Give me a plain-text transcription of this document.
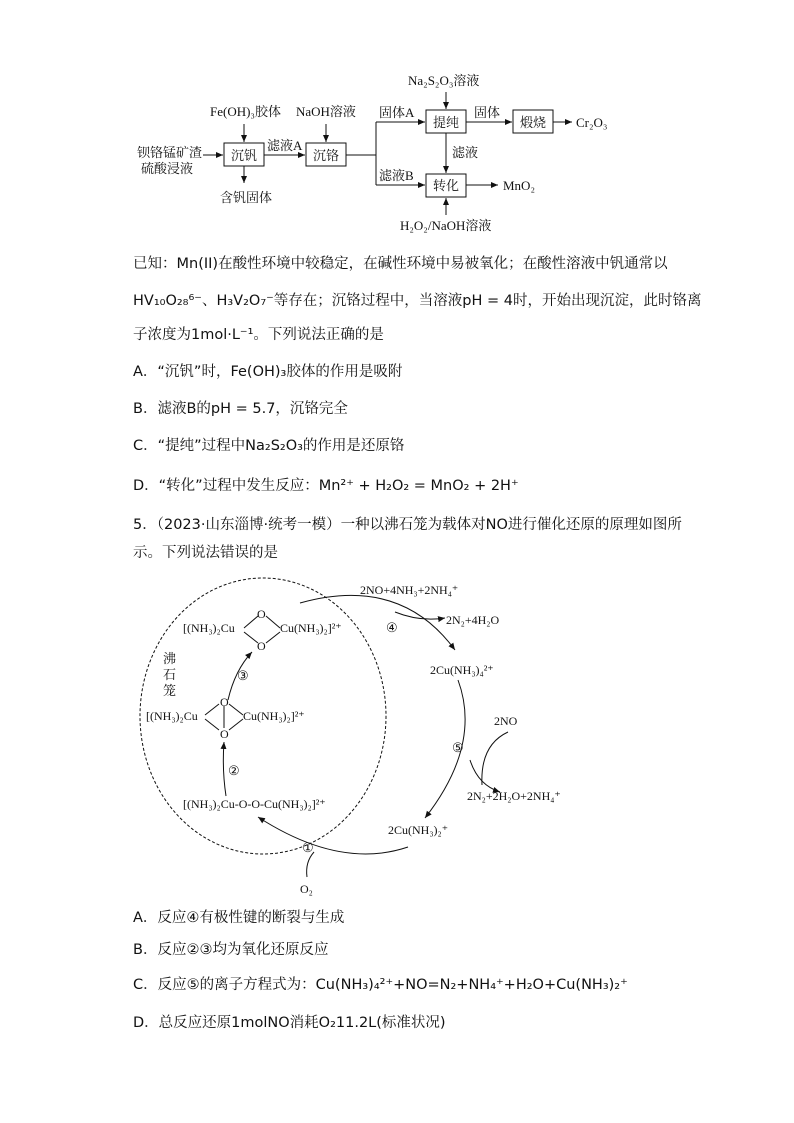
钡铬锰矿渣
硫酸浸液
Fe(OH)₃胶体 NaOH溶液
沉钒	沉铬
滤液A
含钒固体
固体A
滤液B
Na₂S₂O₃溶液
提纯
固体
煅烧 Cr₂O₃
滤液
转化	MnO₂
H₂O₂/NaOH溶液
已知：Mn(II)在酸性环境中较稳定，在碱性环境中易被氧化；在酸性溶液中钒通常以
HV₁₀O₂₈⁶⁻、H₃V₂O₇⁻等存在；沉铬过程中，当溶液pH = 4时，开始出现沉淀，此时铬离
子浓度为1mol·L⁻¹。下列说法正确的是
A．“沉钒”时，Fe(OH)₃胶体的作用是吸附
B．滤液B的pH = 5.7，沉铬完全
C．“提纯”过程中Na₂S₂O₃的作用是还原铬
D．“转化”过程中发生反应：Mn²⁺ + H₂O₂ = MnO₂ + 2H⁺
5．（2023·山东淄博·统考一模）一种以沸石笼为载体对NO进行催化还原的原理如图所
示。下列说法错误的是
沸
石
笼
[(NH₃)₂Cu
O
O
Cu(NH₃)₂]²⁺
[(NH₃)₂Cu
O
O
Cu(NH₃)₂]²⁺
[(NH₃)₂Cu-O-O-Cu(NH₃)₂]²⁺
②
③
2NO+4NH₃+2NH₄⁺
2N₂+4H₂O
④
2Cu(NH₃)₄²⁺
2NO
⑤
2N₂+2H₂O+2NH₄⁺
2Cu(NH₃)₂⁺
①
O₂
A．反应④有极性键的断裂与生成
B．反应②③均为氧化还原反应
C．反应⑤的离子方程式为：Cu(NH₃)₄²⁺+NO=N₂+NH₄⁺+H₂O+Cu(NH₃)₂⁺
D．总反应还原1molNO消耗O₂11.2L(标准状况)
